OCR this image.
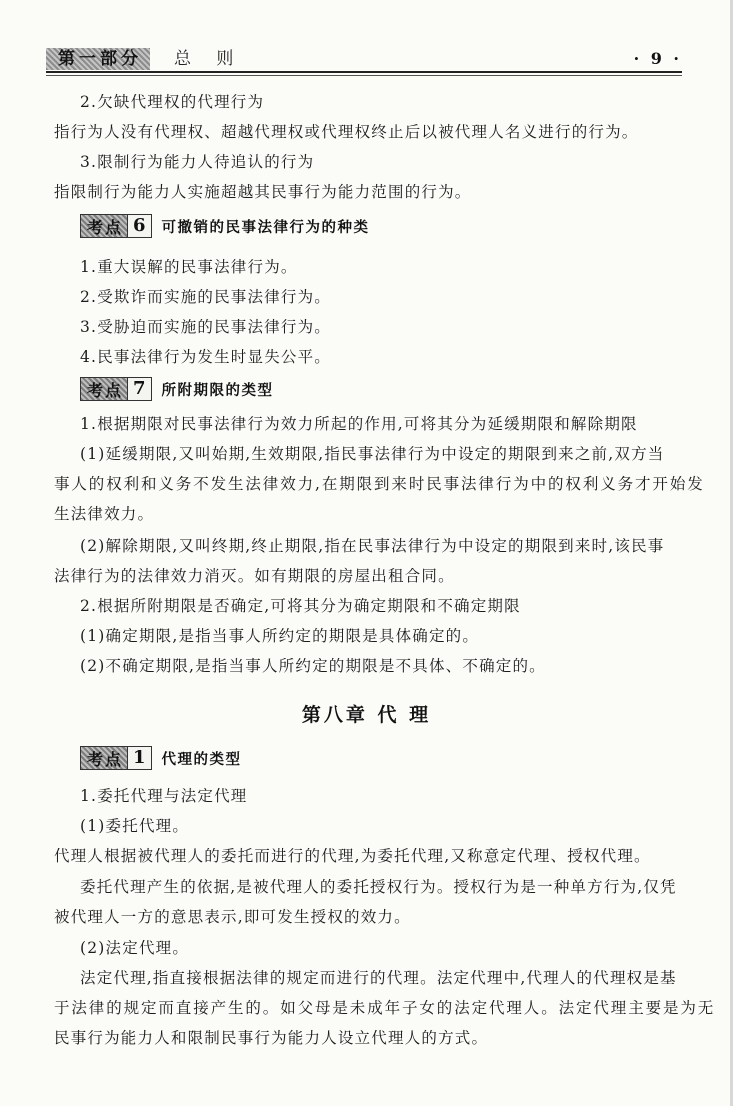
第一部分	总 则	· 9 ·
2.欠缺代理权的代理行为
指行为人没有代理权、超越代理权或代理权终止后以被代理人名义进行的行为。
3.限制行为能力人待追认的行为
指限制行为能力人实施超越其民事行为能力范围的行为。
考点 6	可撤销的民事法律行为的种类
1.重大误解的民事法律行为。
2.受欺诈而实施的民事法律行为。
3.受胁迫而实施的民事法律行为。
4.民事法律行为发生时显失公平。
考点 7	所附期限的类型
1.根据期限对民事法律行为效力所起的作用,可将其分为延缓期限和解除期限
(1)延缓期限,又叫始期,生效期限,指民事法律行为中设定的期限到来之前,双方当
事人的权利和义务不发生法律效力,在期限到来时民事法律行为中的权利义务才开始发
生法律效力。
(2)解除期限,又叫终期,终止期限,指在民事法律行为中设定的期限到来时,该民事
法律行为的法律效力消灭。如有期限的房屋出租合同。
2.根据所附期限是否确定,可将其分为确定期限和不确定期限
(1)确定期限,是指当事人所约定的期限是具体确定的。
(2)不确定期限,是指当事人所约定的期限是不具体、不确定的。
第八章 代 理
考点 1	代理的类型
1.委托代理与法定代理
(1)委托代理。
代理人根据被代理人的委托而进行的代理,为委托代理,又称意定代理、授权代理。
委托代理产生的依据,是被代理人的委托授权行为。授权行为是一种单方行为,仅凭
被代理人一方的意思表示,即可发生授权的效力。
(2)法定代理。
法定代理,指直接根据法律的规定而进行的代理。法定代理中,代理人的代理权是基
于法律的规定而直接产生的。如父母是未成年子女的法定代理人。法定代理主要是为无
民事行为能力人和限制民事行为能力人设立代理人的方式。
